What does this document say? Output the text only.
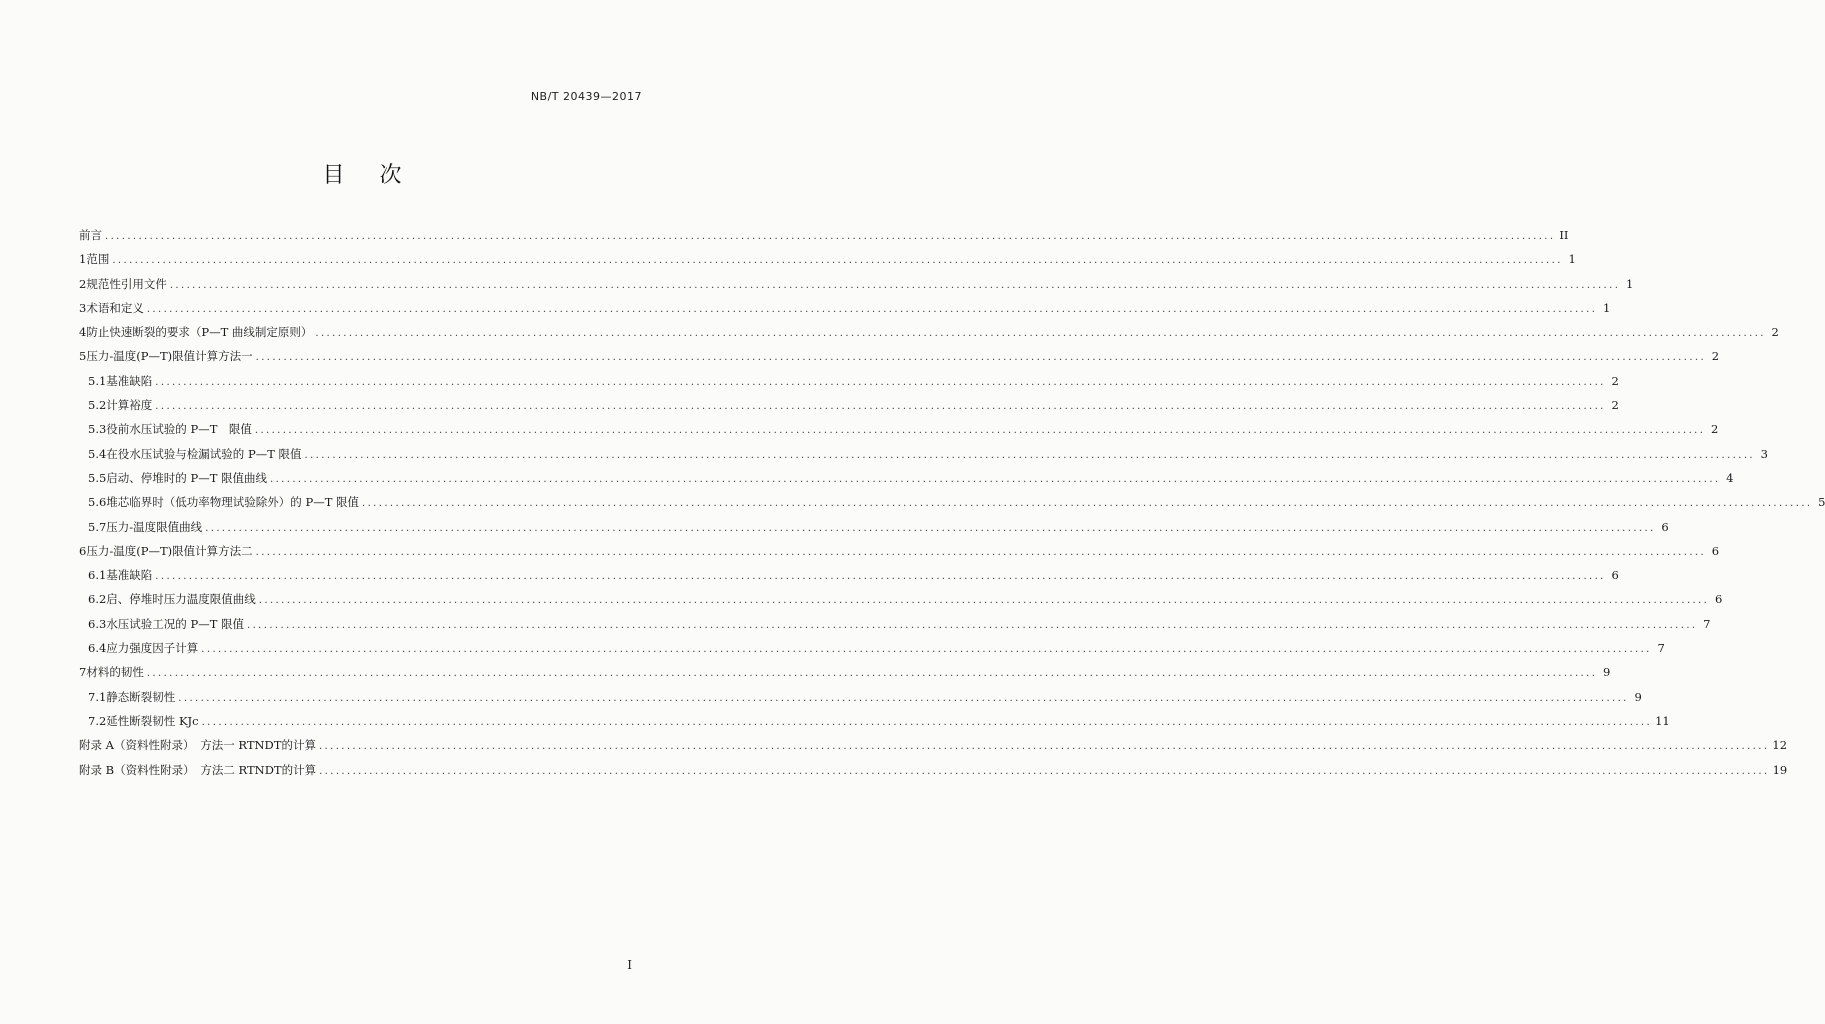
NB/T 20439—2017
目 次
前言 .................................................................................................................................................................................................................................................................... II
1 范围 .................................................................................................................................................................................................................................................................... 1
2 规范性引用文件 .................................................................................................................................................................................................................................................................... 1
3 术语和定义 .................................................................................................................................................................................................................................................................... 1
4 防止快速断裂的要求（P—T 曲线制定原则） .................................................................................................................................................................................................................................................................... 2
5 压力-温度(P—T)限值计算方法一 .................................................................................................................................................................................................................................................................... 2
5.1 基准缺陷 .................................................................................................................................................................................................................................................................... 2
5.2 计算裕度 .................................................................................................................................................................................................................................................................... 2
5.3 役前水压试验的 P—T　限值 .................................................................................................................................................................................................................................................................... 2
5.4 在役水压试验与检漏试验的 P—T 限值 .................................................................................................................................................................................................................................................................... 3
5.5 启动、停堆时的 P—T 限值曲线 .................................................................................................................................................................................................................................................................... 4
5.6 堆芯临界时（低功率物理试验除外）的 P—T 限值 .................................................................................................................................................................................................................................................................... 5
5.7 压力-温度限值曲线 .................................................................................................................................................................................................................................................................... 6
6 压力-温度(P—T)限值计算方法二 .................................................................................................................................................................................................................................................................... 6
6.1 基准缺陷 .................................................................................................................................................................................................................................................................... 6
6.2 启、停堆时压力温度限值曲线 .................................................................................................................................................................................................................................................................... 6
6.3 水压试验工况的 P—T 限值 .................................................................................................................................................................................................................................................................... 7
6.4 应力强度因子计算 .................................................................................................................................................................................................................................................................... 7
7 材料的韧性 .................................................................................................................................................................................................................................................................... 9
7.1 静态断裂韧性 .................................................................................................................................................................................................................................................................... 9
7.2 延性断裂韧性 KJc .................................................................................................................................................................................................................................................................... 11
附录 A（资料性附录）　方法一 RTNDT的计算 .................................................................................................................................................................................................................................................................... 12
附录 B（资料性附录）　方法二 RTNDT的计算 .................................................................................................................................................................................................................................................................... 19
I
